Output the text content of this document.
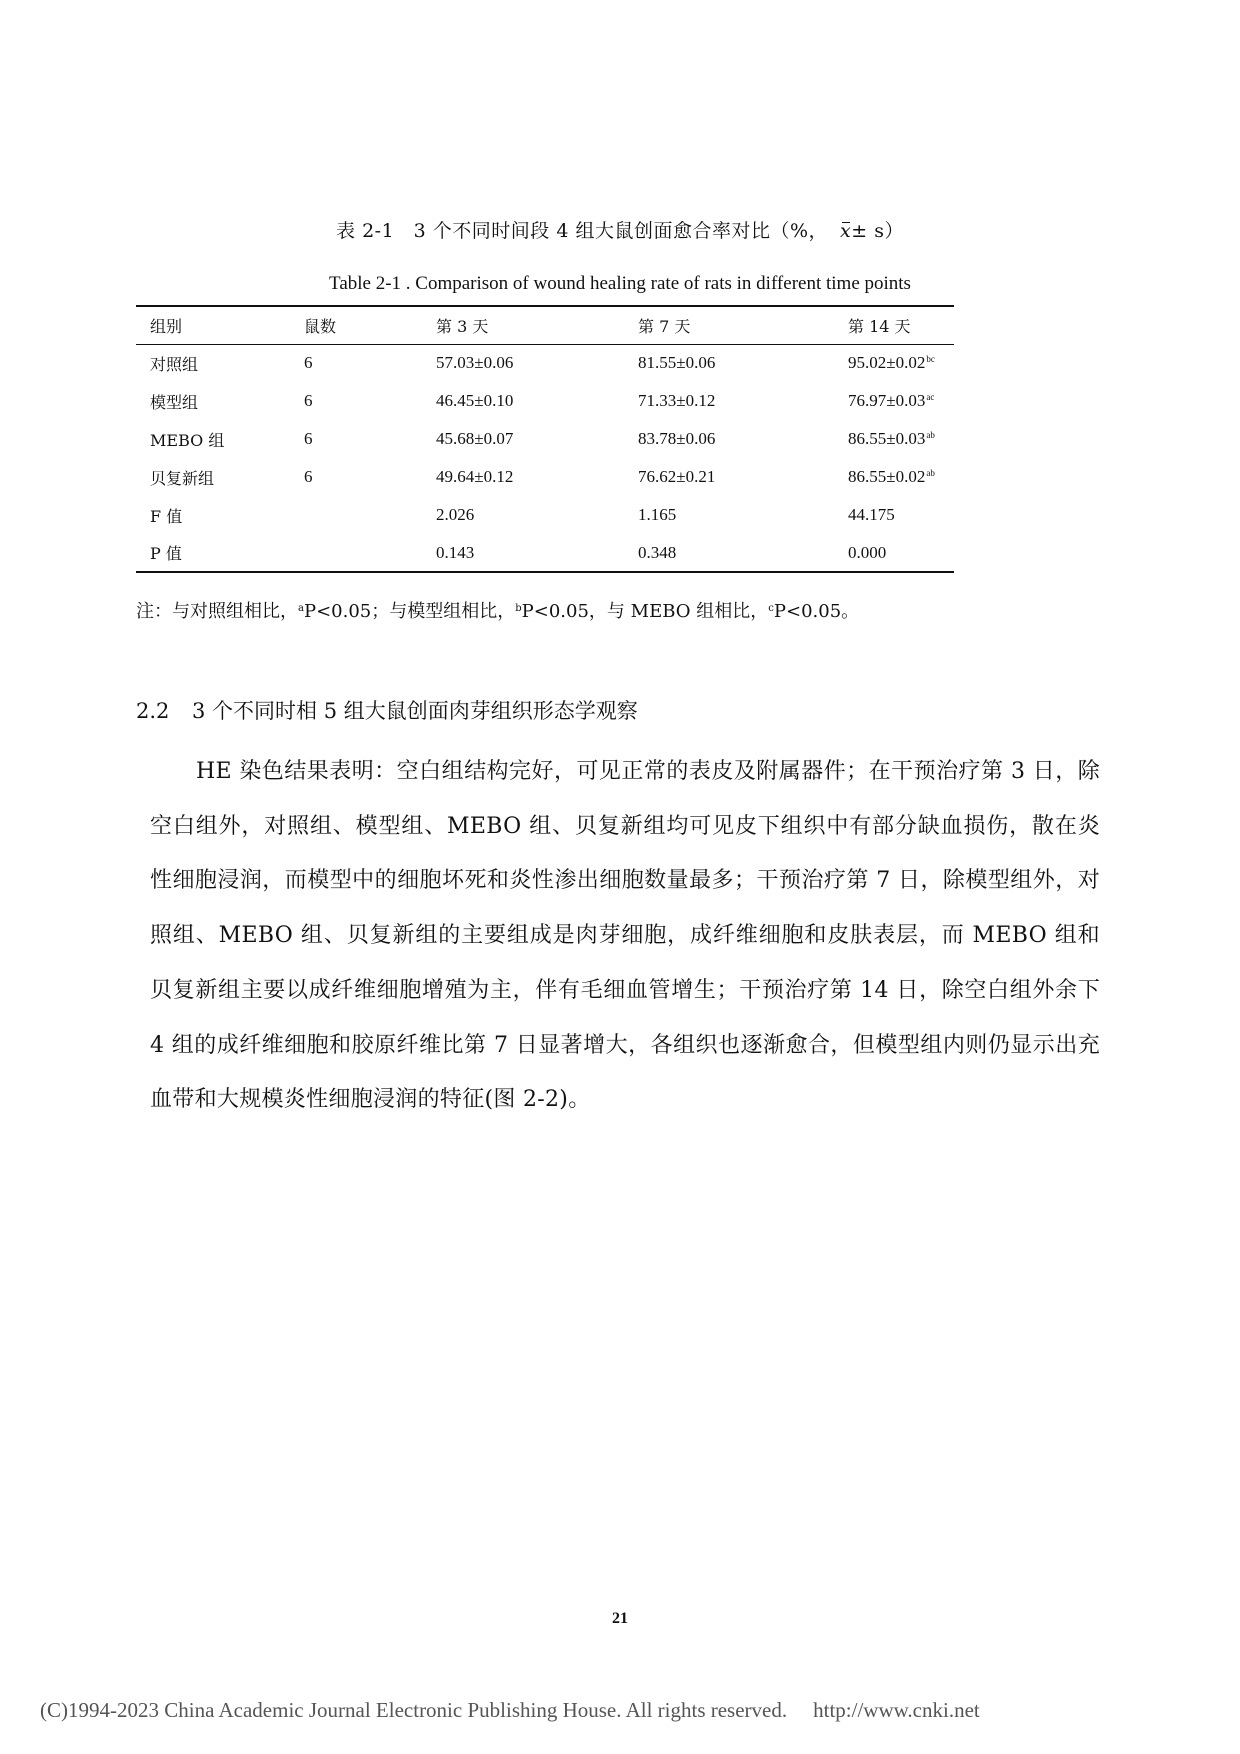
表 2-1　3 个不同时间段 4 组大鼠创面愈合率对比（%， x± s）
Table 2-1 . Comparison of wound healing rate of rats in different time points
组别	鼠数	第 3 天	第 7 天	第 14 天
对照组	6	57.03±0.06	81.55±0.06	95.02±0.02$^{bc}$
模型组	6	46.45±0.10	71.33±0.12	76.97±0.03$^{ac}$
MEBO 组	6	45.68±0.07	83.78±0.06	86.55±0.03$^{ab}$
贝复新组	6	49.64±0.12	76.62±0.21	86.55±0.02$^{ab}$
F 值		2.026	1.165	44.175
P 值		0.143	0.348	0.000
注：与对照组相比，$^a$P<0.05；与模型组相比，$^b$P<0.05，与 MEBO 组相比，$^c$P<0.05。
2.2 3 个不同时相 5 组大鼠创面肉芽组织形态学观察
HE 染色结果表明：空白组结构完好，可见正常的表皮及附属器件；在干预治疗第 3 日，除空白组外，对照组、模型组、MEBO 组、贝复新组均可见皮下组织中有部分缺血损伤，散在炎性细胞浸润，而模型中的细胞坏死和炎性渗出细胞数量最多；干预治疗第 7 日，除模型组外，对照组、MEBO 组、贝复新组的主要组成是肉芽细胞，成纤维细胞和皮肤表层，而 MEBO 组和贝复新组主要以成纤维细胞增殖为主，伴有毛细血管增生；干预治疗第 14 日，除空白组外余下 4 组的成纤维细胞和胶原纤维比第 7 日显著增大，各组织也逐渐愈合，但模型组内则仍显示出充血带和大规模炎性细胞浸润的特征(图 2-2)。
21
(C)1994-2023 China Academic Journal Electronic Publishing House. All rights reserved. http://www.cnki.net
